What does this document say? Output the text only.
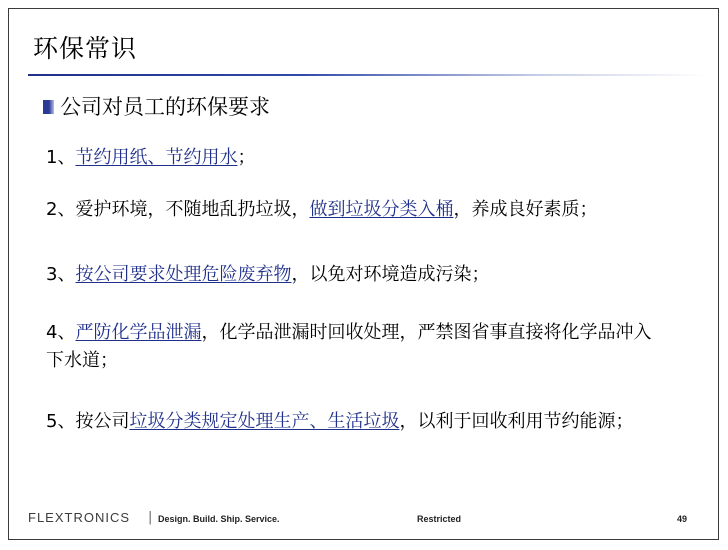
环保常识
公司对员工的环保要求
1、节约用纸、节约用水；
2、爱护环境，不随地乱扔垃圾，做到垃圾分类入桶，养成良好素质；
3、按公司要求处理危险废弃物，以免对环境造成污染；
4、严防化学品泄漏，化学品泄漏时回收处理，严禁图省事直接将化学品冲入下水道；
5、按公司垃圾分类规定处理生产、生活垃圾，以利于回收利用节约能源；
FLEXTRONICS | Design. Build. Ship. Service.	Restricted	49
